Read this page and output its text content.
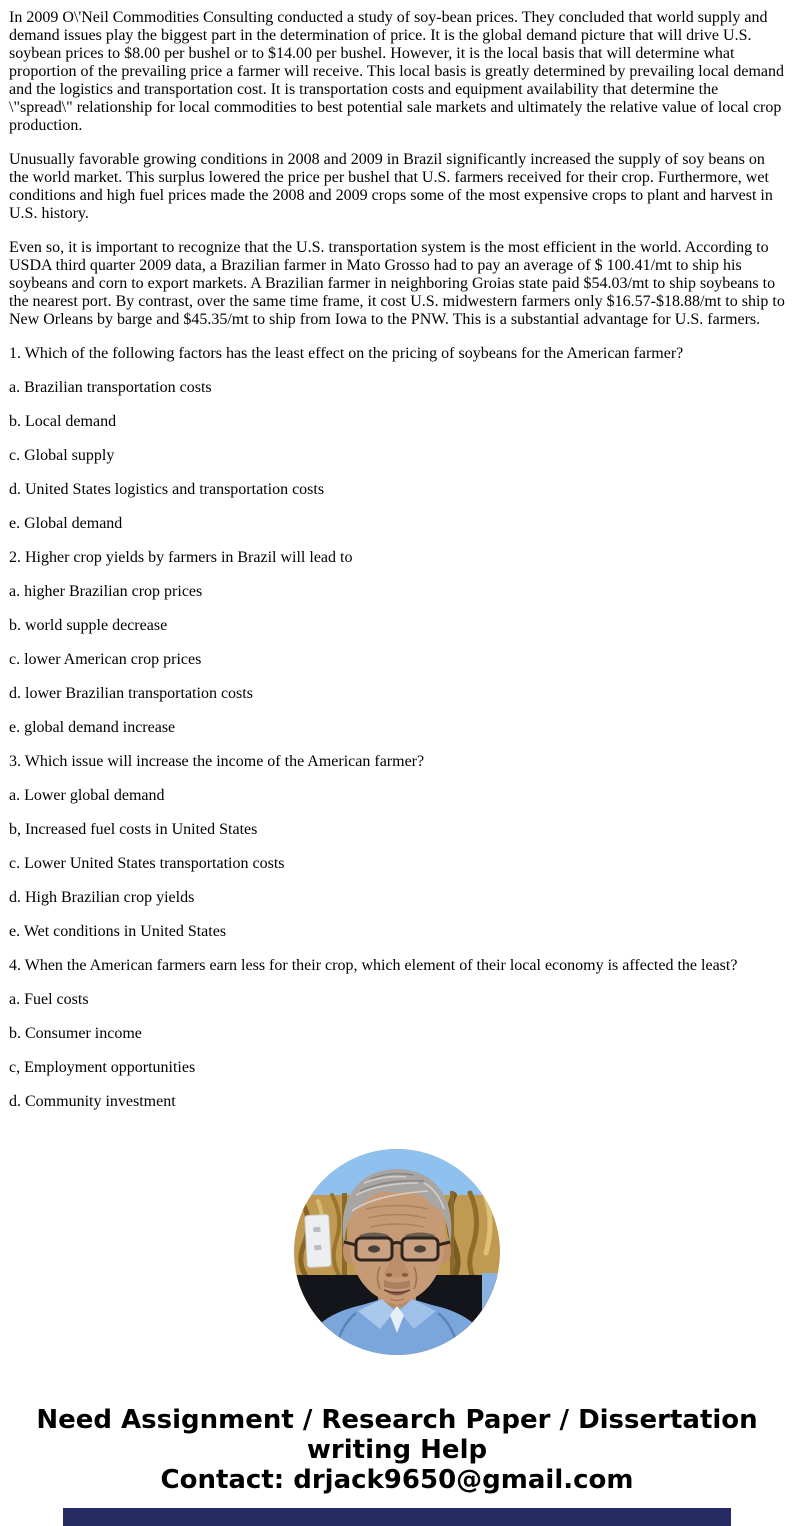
In 2009 O\'Neil Commodities Consulting conducted a study of soy-bean prices. They concluded that world supply and demand issues play the biggest part in the determination of price. It is the global demand picture that will drive U.S. soybean prices to $8.00 per bushel or to $14.00 per bushel. However, it is the local basis that will determine what proportion of the prevailing price a farmer will receive. This local basis is greatly determined by prevailing local demand and the logistics and transportation cost. It is transportation costs and equipment availability that determine the \"spread\" relationship for local commodities to best potential sale markets and ultimately the relative value of local crop production.

Unusually favorable growing conditions in 2008 and 2009 in Brazil significantly increased the supply of soy beans on the world market. This surplus lowered the price per bushel that U.S. farmers received for their crop. Furthermore, wet conditions and high fuel prices made the 2008 and 2009 crops some of the most expensive crops to plant and harvest in U.S. history.

Even so, it is important to recognize that the U.S. transportation system is the most efficient in the world. According to USDA third quarter 2009 data, a Brazilian farmer in Mato Grosso had to pay an average of $ 100.41/mt to ship his soybeans and corn to export markets. A Brazilian farmer in neighboring Groias state paid $54.03/mt to ship soybeans to the nearest port. By contrast, over the same time frame, it cost U.S. midwestern farmers only $16.57-$18.88/mt to ship to New Orleans by barge and $45.35/mt to ship from Iowa to the PNW. This is a substantial advantage for U.S. farmers.

1. Which of the following factors has the least effect on the pricing of soybeans for the American farmer?

a. Brazilian transportation costs

b. Local demand

c. Global supply

d. United States logistics and transportation costs

e. Global demand

2. Higher crop yields by farmers in Brazil will lead to

a. higher Brazilian crop prices

b. world supple decrease

c. lower American crop prices

d. lower Brazilian transportation costs

e. global demand increase

3. Which issue will increase the income of the American farmer?

a. Lower global demand

b, Increased fuel costs in United States

c. Lower United States transportation costs

d. High Brazilian crop yields

e. Wet conditions in United States

4. When the American farmers earn less for their crop, which element of their local economy is affected the least?

a. Fuel costs

b. Consumer income

c, Employment opportunities

d. Community investment

Need Assignment / Research Paper / Dissertation
writing Help
Contact: drjack9650@gmail.com
